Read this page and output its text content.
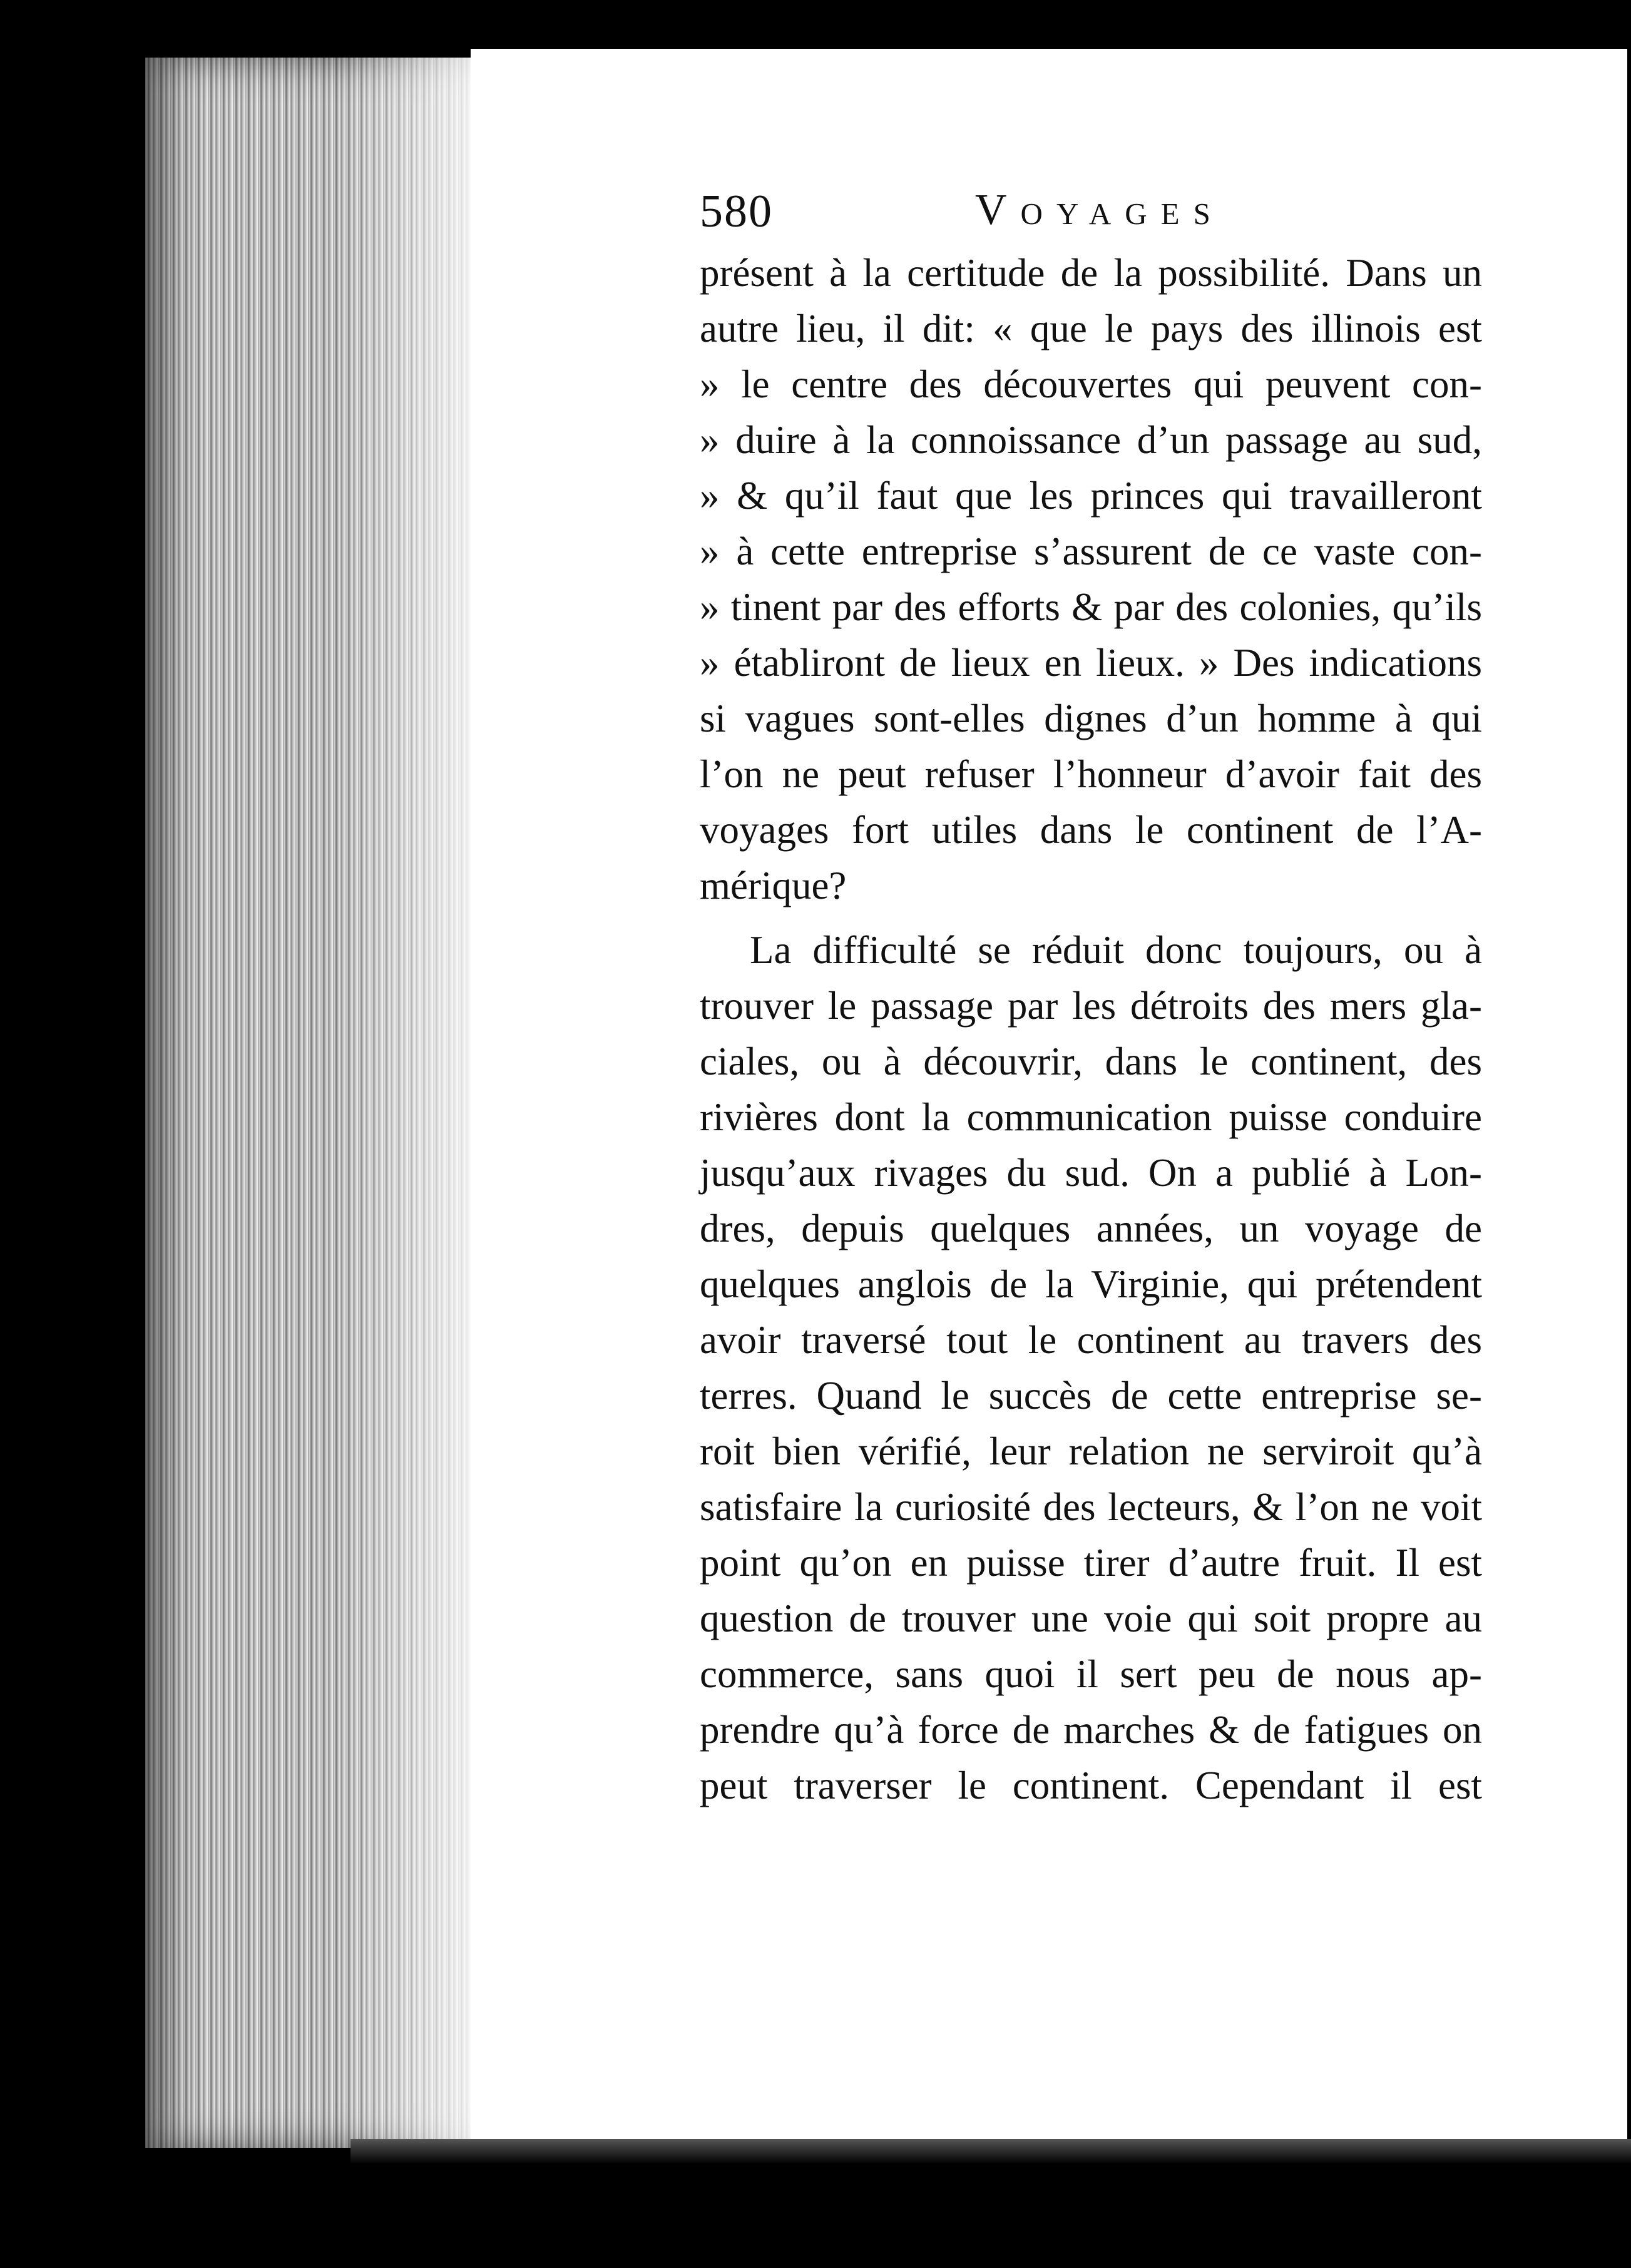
580	Voyages
présent à la certitude de la possibilité. Dans un
autre lieu, il dit: « que le pays des illinois est
» le centre des découvertes qui peuvent con-
» duire à la connoissance d’un passage au sud,
» & qu’il faut que les princes qui travailleront
» à cette entreprise s’assurent de ce vaste con-
» tinent par des efforts & par des colonies, qu’ils
» établiront de lieux en lieux. » Des indications
si vagues sont-elles dignes d’un homme à qui
l’on ne peut refuser l’honneur d’avoir fait des
voyages fort utiles dans le continent de l’A-
mérique?
La difficulté se réduit donc toujours, ou à
trouver le passage par les détroits des mers gla-
ciales, ou à découvrir, dans le continent, des
rivières dont la communication puisse conduire
jusqu’aux rivages du sud. On a publié à Lon-
dres, depuis quelques années, un voyage de
quelques anglois de la Virginie, qui prétendent
avoir traversé tout le continent au travers des
terres. Quand le succès de cette entreprise se-
roit bien vérifié, leur relation ne serviroit qu’à
satisfaire la curiosité des lecteurs, & l’on ne voit
point qu’on en puisse tirer d’autre fruit. Il est
question de trouver une voie qui soit propre au
commerce, sans quoi il sert peu de nous ap-
prendre qu’à force de marches & de fatigues on
peut traverser le continent. Cependant il est
